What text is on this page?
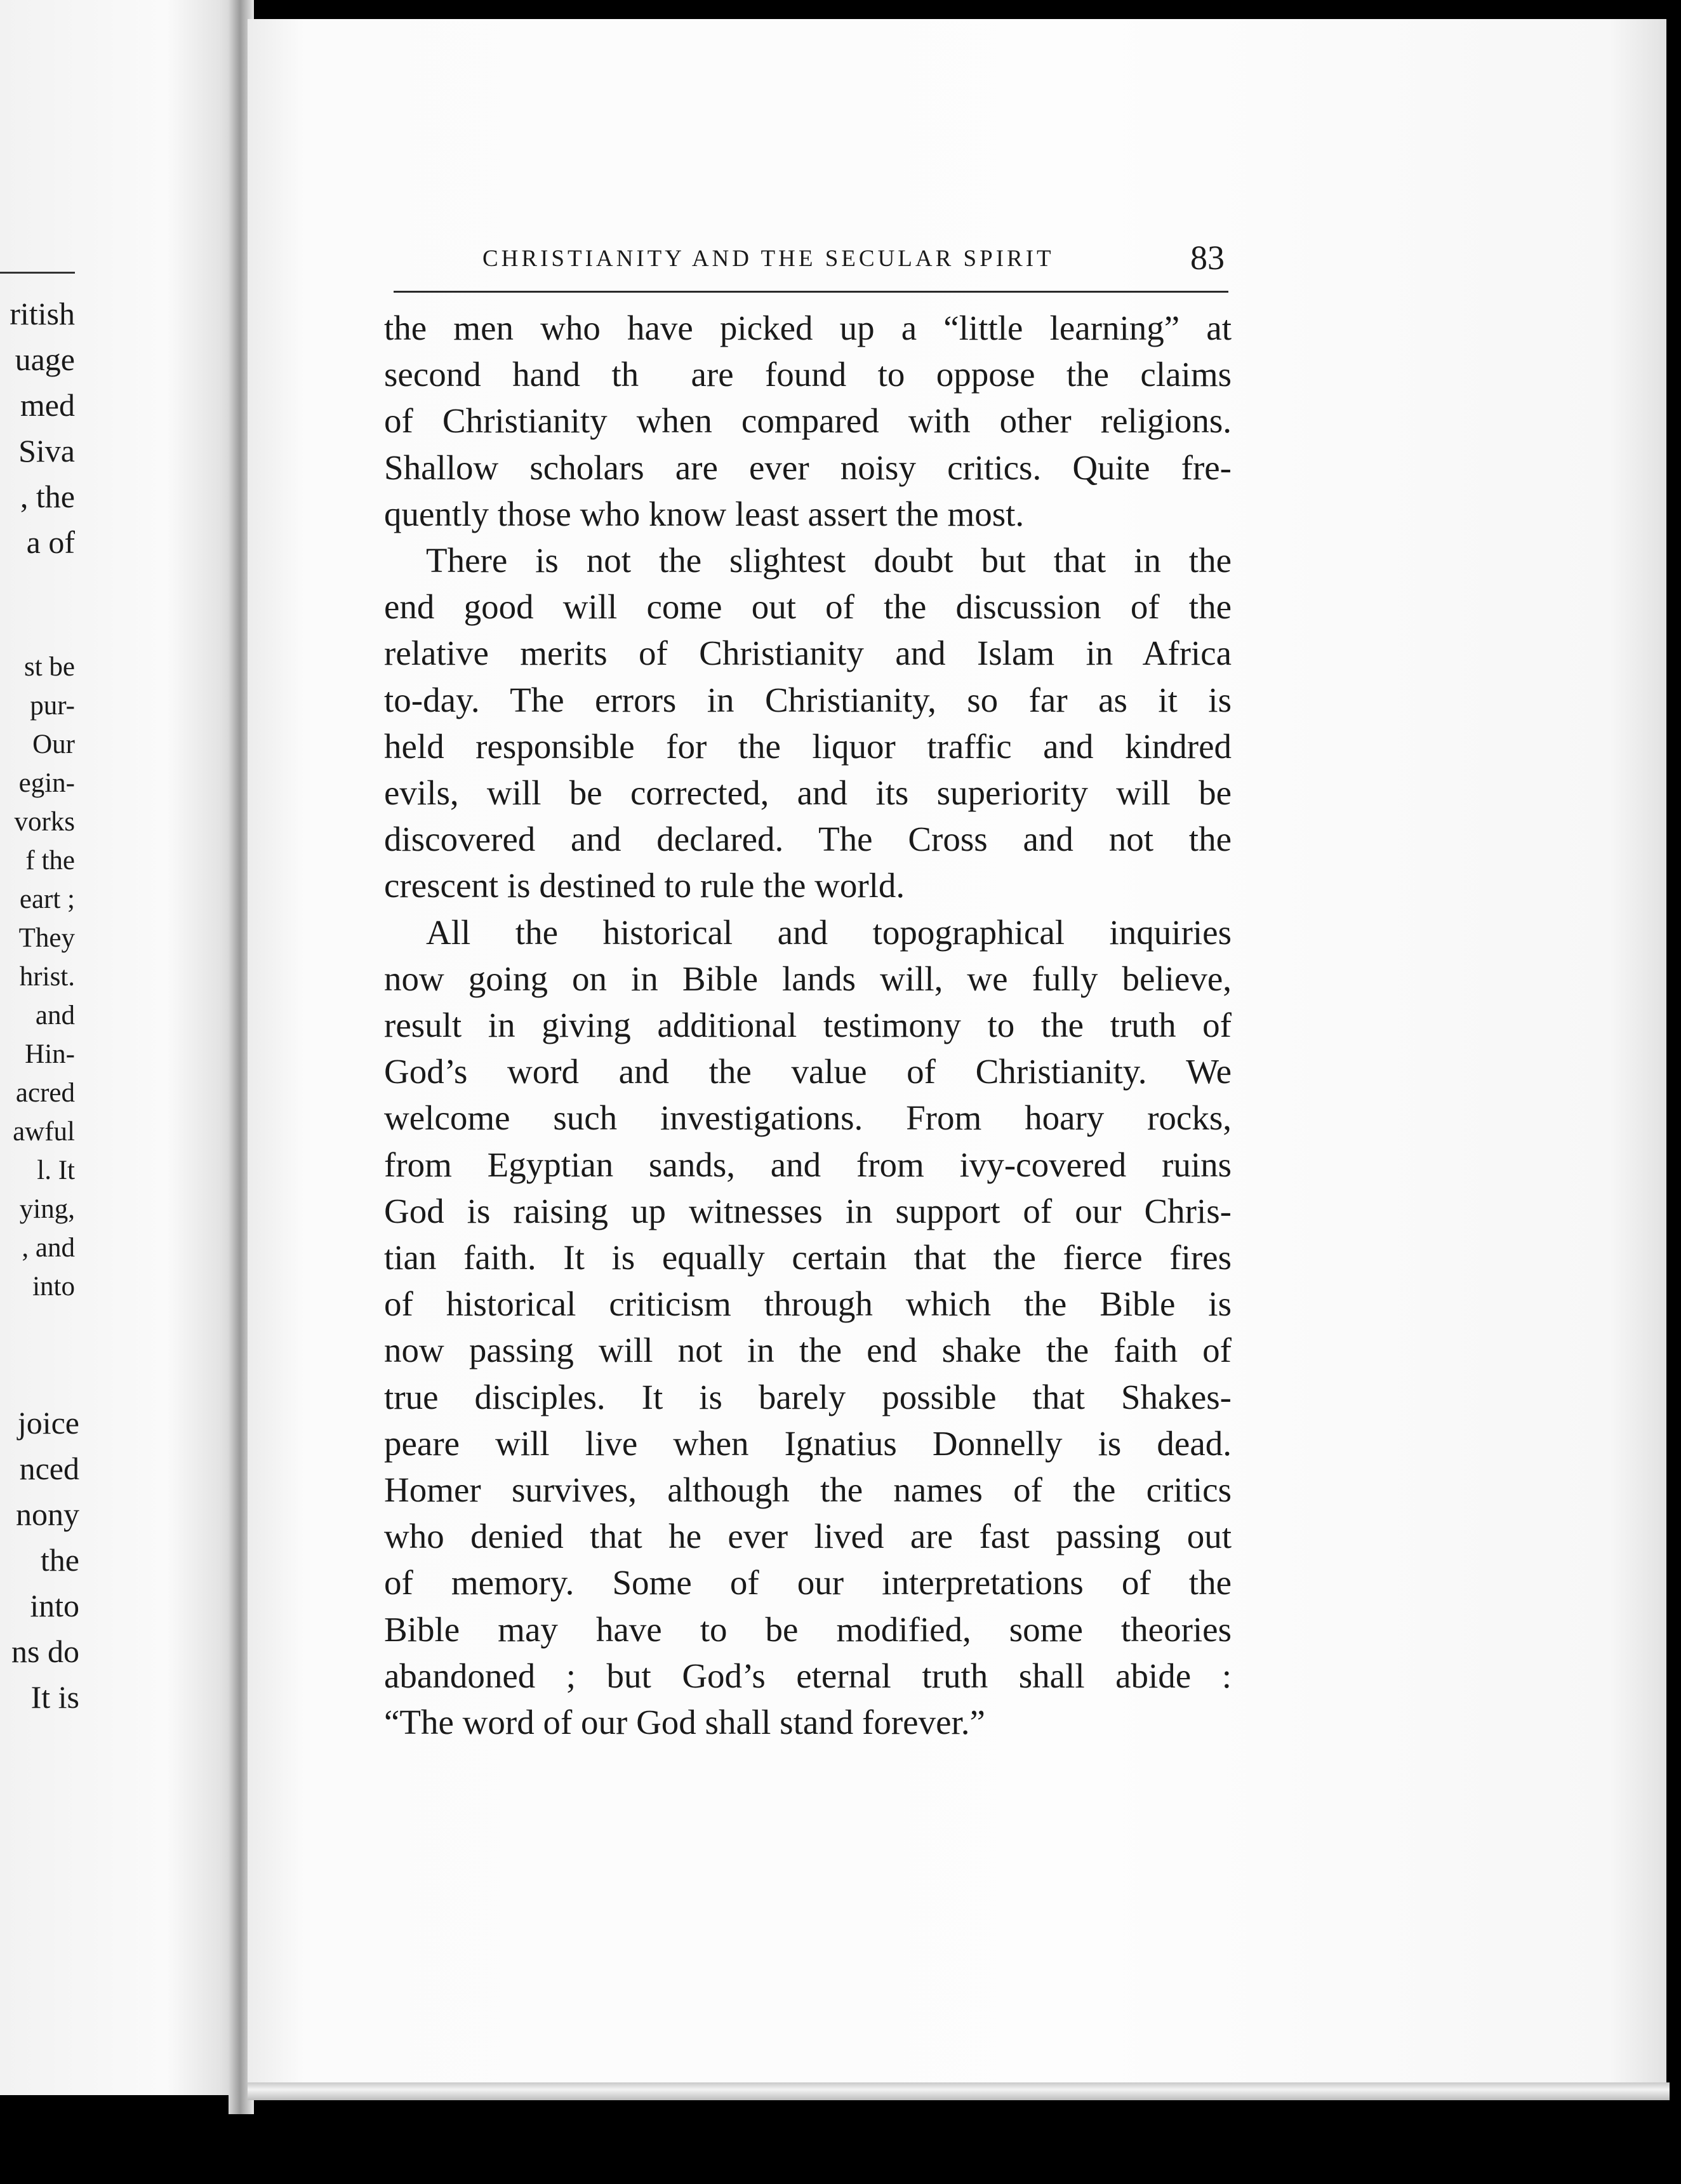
ritish
uage
med
Siva
, the
a of
st be
pur-
Our
egin-
vorks
f the
eart ;
They
hrist.
and
Hin-
acred
awful
l. It
ying,
, and
into
joice
nced
nony
the
into
ns do
It is
CHRISTIANITY AND THE SECULAR SPIRIT	83
the men who have picked up a “little learning” at
second hand th    are found to oppose the claims
of Christianity when compared with other religions.
Shallow scholars are ever noisy critics. Quite fre-
quently those who know least assert the most.
There is not the slightest doubt but that in the
end good will come out of the discussion of the
relative merits of Christianity and Islam in Africa
to-day. The errors in Christianity, so far as it is
held responsible for the liquor traffic and kindred
evils, will be corrected, and its superiority will be
discovered and declared. The Cross and not the
crescent is destined to rule the world.
All the historical and topographical inquiries
now going on in Bible lands will, we fully believe,
result in giving additional testimony to the truth of
God’s word and the value of Christianity. We
welcome such investigations. From hoary rocks,
from Egyptian sands, and from ivy-covered ruins
God is raising up witnesses in support of our Chris-
tian faith. It is equally certain that the fierce fires
of historical criticism through which the Bible is
now passing will not in the end shake the faith of
true disciples. It is barely possible that Shakes-
peare will live when Ignatius Donnelly is dead.
Homer survives, although the names of the critics
who denied that he ever lived are fast passing out
of memory. Some of our interpretations of the
Bible may have to be modified, some theories
abandoned ; but God’s eternal truth shall abide :
“The word of our God shall stand forever.”
